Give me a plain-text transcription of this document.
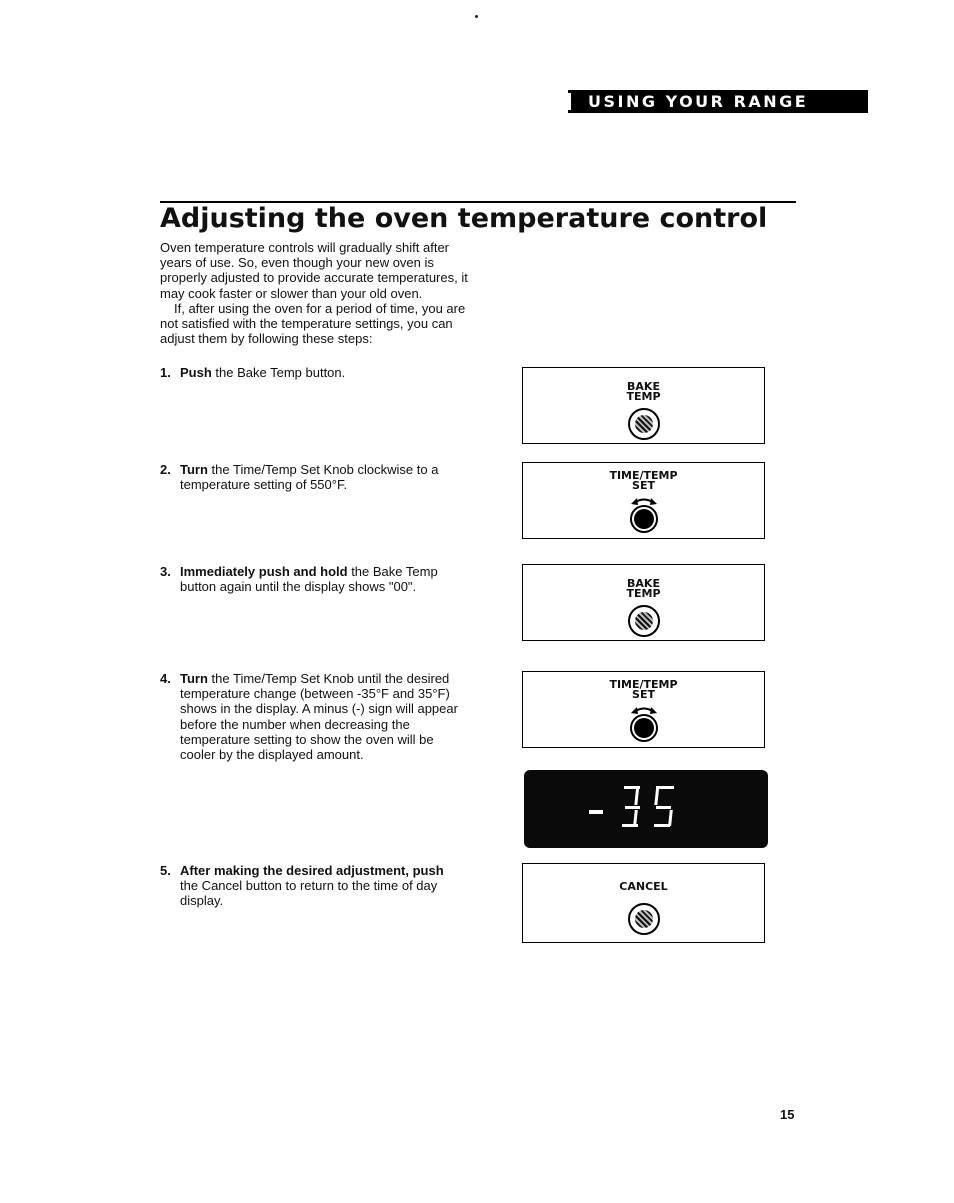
USING YOUR RANGE
Adjusting the oven temperature control

Oven temperature controls will gradually shift after years of use. So, even though your new oven is properly adjusted to provide accurate temperatures, it may cook faster or slower than your old oven.

If, after using the oven for a period of time, you are not satisfied with the temperature settings, you can adjust them by following these steps:

1. Push the Bake Temp button.
2. Turn the Time/Temp Set Knob clockwise to a temperature setting of 550°F.
3. Immediately push and hold the Bake Temp button again until the display shows "00".
4. Turn the Time/Temp Set Knob until the desired temperature change (between -35°F and 35°F) shows in the display. A minus (-) sign will appear before the number when decreasing the temperature setting to show the oven will be cooler by the displayed amount.
5. After making the desired adjustment, push the Cancel button to return to the time of day display.
BAKE
TEMP
TIME/TEMP
SET
BAKE
TEMP
TIME/TEMP
SET
CANCEL
15
